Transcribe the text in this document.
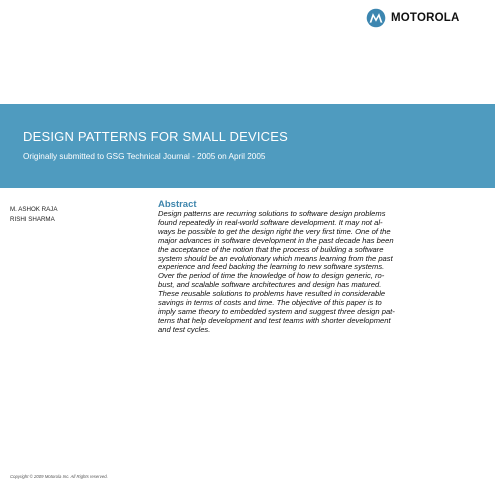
MOTOROLA
DESIGN PATTERNS FOR SMALL DEVICES
Originally submitted to GSG Technical Journal - 2005 on April 2005
M. ASHOK RAJA
RISHI SHARMA
Abstract
Design patterns are recurring solutions to software design problems
found repeatedly in real-world software development. It may not al-
ways be possible to get the design right the very first time. One of the
major advances in software development in the past decade has been
the acceptance of the notion that the process of building a software
system should be an evolutionary which means learning from the past
experience and feed backing the learning to new software systems.
Over the period of time the knowledge of how to design generic, ro-
bust, and scalable software architectures and design has matured.
These reusable solutions to problems have resulted in considerable
savings in terms of costs and time. The objective of this paper is to
imply same theory to embedded system and suggest three design pat-
terns that help development and test teams with shorter development
and test cycles.
Copyright © 2009 Motorola Inc. All Rights reserved.
